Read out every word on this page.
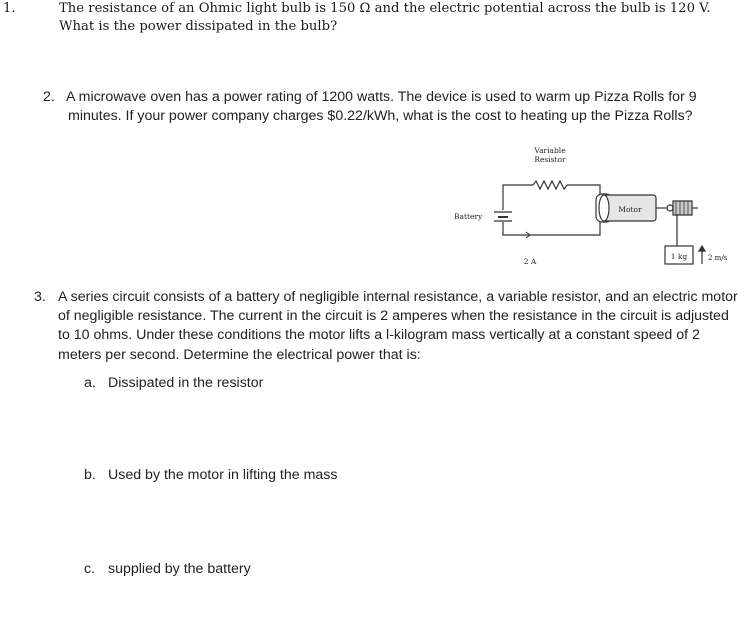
1.	The resistance of an Ohmic light bulb is 150 Ω and the electric potential across the bulb is 120 V. What is the power dissipated in the bulb?
2. A microwave oven has a power rating of 1200 watts. The device is used to warm up Pizza Rolls for 9 minutes. If your power company charges $0.22/kWh, what is the cost to heating up the Pizza Rolls?
Variable
Resistor
Battery
Motor
2 A
1 kg	2 m/s
3. A series circuit consists of a battery of negligible internal resistance, a variable resistor, and an electric motor of negligible resistance. The current in the circuit is 2 amperes when the resistance in the circuit is adjusted to 10 ohms. Under these conditions the motor lifts a l-kilogram mass vertically at a constant speed of 2 meters per second. Determine the electrical power that is:
a. Dissipated in the resistor
b. Used by the motor in lifting the mass
c. supplied by the battery
